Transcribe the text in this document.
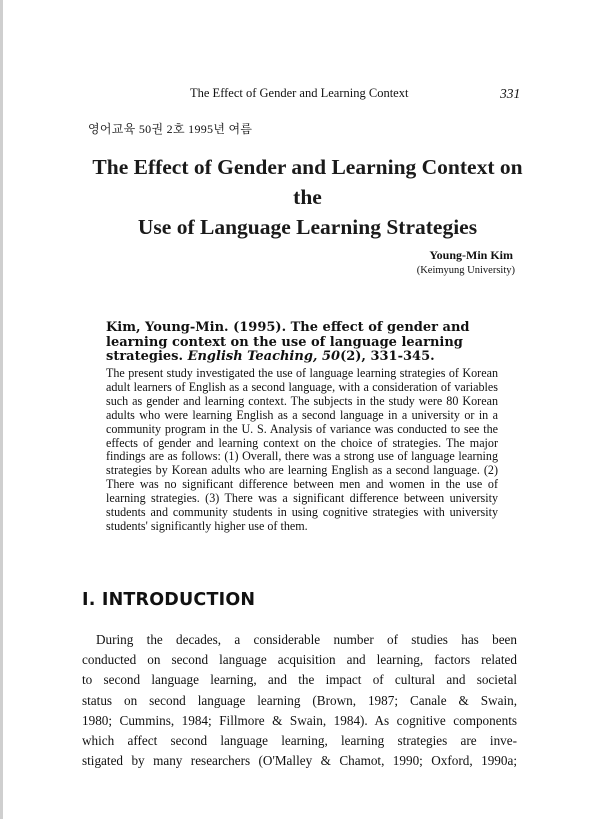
The Effect of Gender and Learning Context	331
영어교육 50권 2호 1995년 여름
The Effect of Gender and Learning Context on the
Use of Language Learning Strategies
Young-Min Kim
(Keimyung University)

Kim, Young-Min. (1995). The effect of gender and learning context on the use of language learning strategies. English Teaching, 50(2), 331-345.

The present study investigated the use of language learning strategies of Korean adult learners of English as a second language, with a consideration of variables such as gender and learning context. The subjects in the study were 80 Korean adults who were learning English as a second language in a university or in a community program in the U. S. Analysis of variance was conducted to see the effects of gender and learning context on the choice of strategies. The major findings are as follows: (1) Overall, there was a strong use of language learning strategies by Korean adults who are learning English as a second language. (2) There was no significant difference between men and women in the use of learning strategies. (3) There was a significant difference between university students and community students in using cognitive strategies with university students' significantly higher use of them.

I. INTRODUCTION

During the decades, a considerable number of studies has been
conducted on second language acquisition and learning, factors related
to second language learning, and the impact of cultural and societal
status on second language learning (Brown, 1987; Canale & Swain,
1980; Cummins, 1984; Fillmore & Swain, 1984). As cognitive components
which affect second language learning, learning strategies are inve-
stigated by many researchers (O'Malley & Chamot, 1990; Oxford, 1990a;
